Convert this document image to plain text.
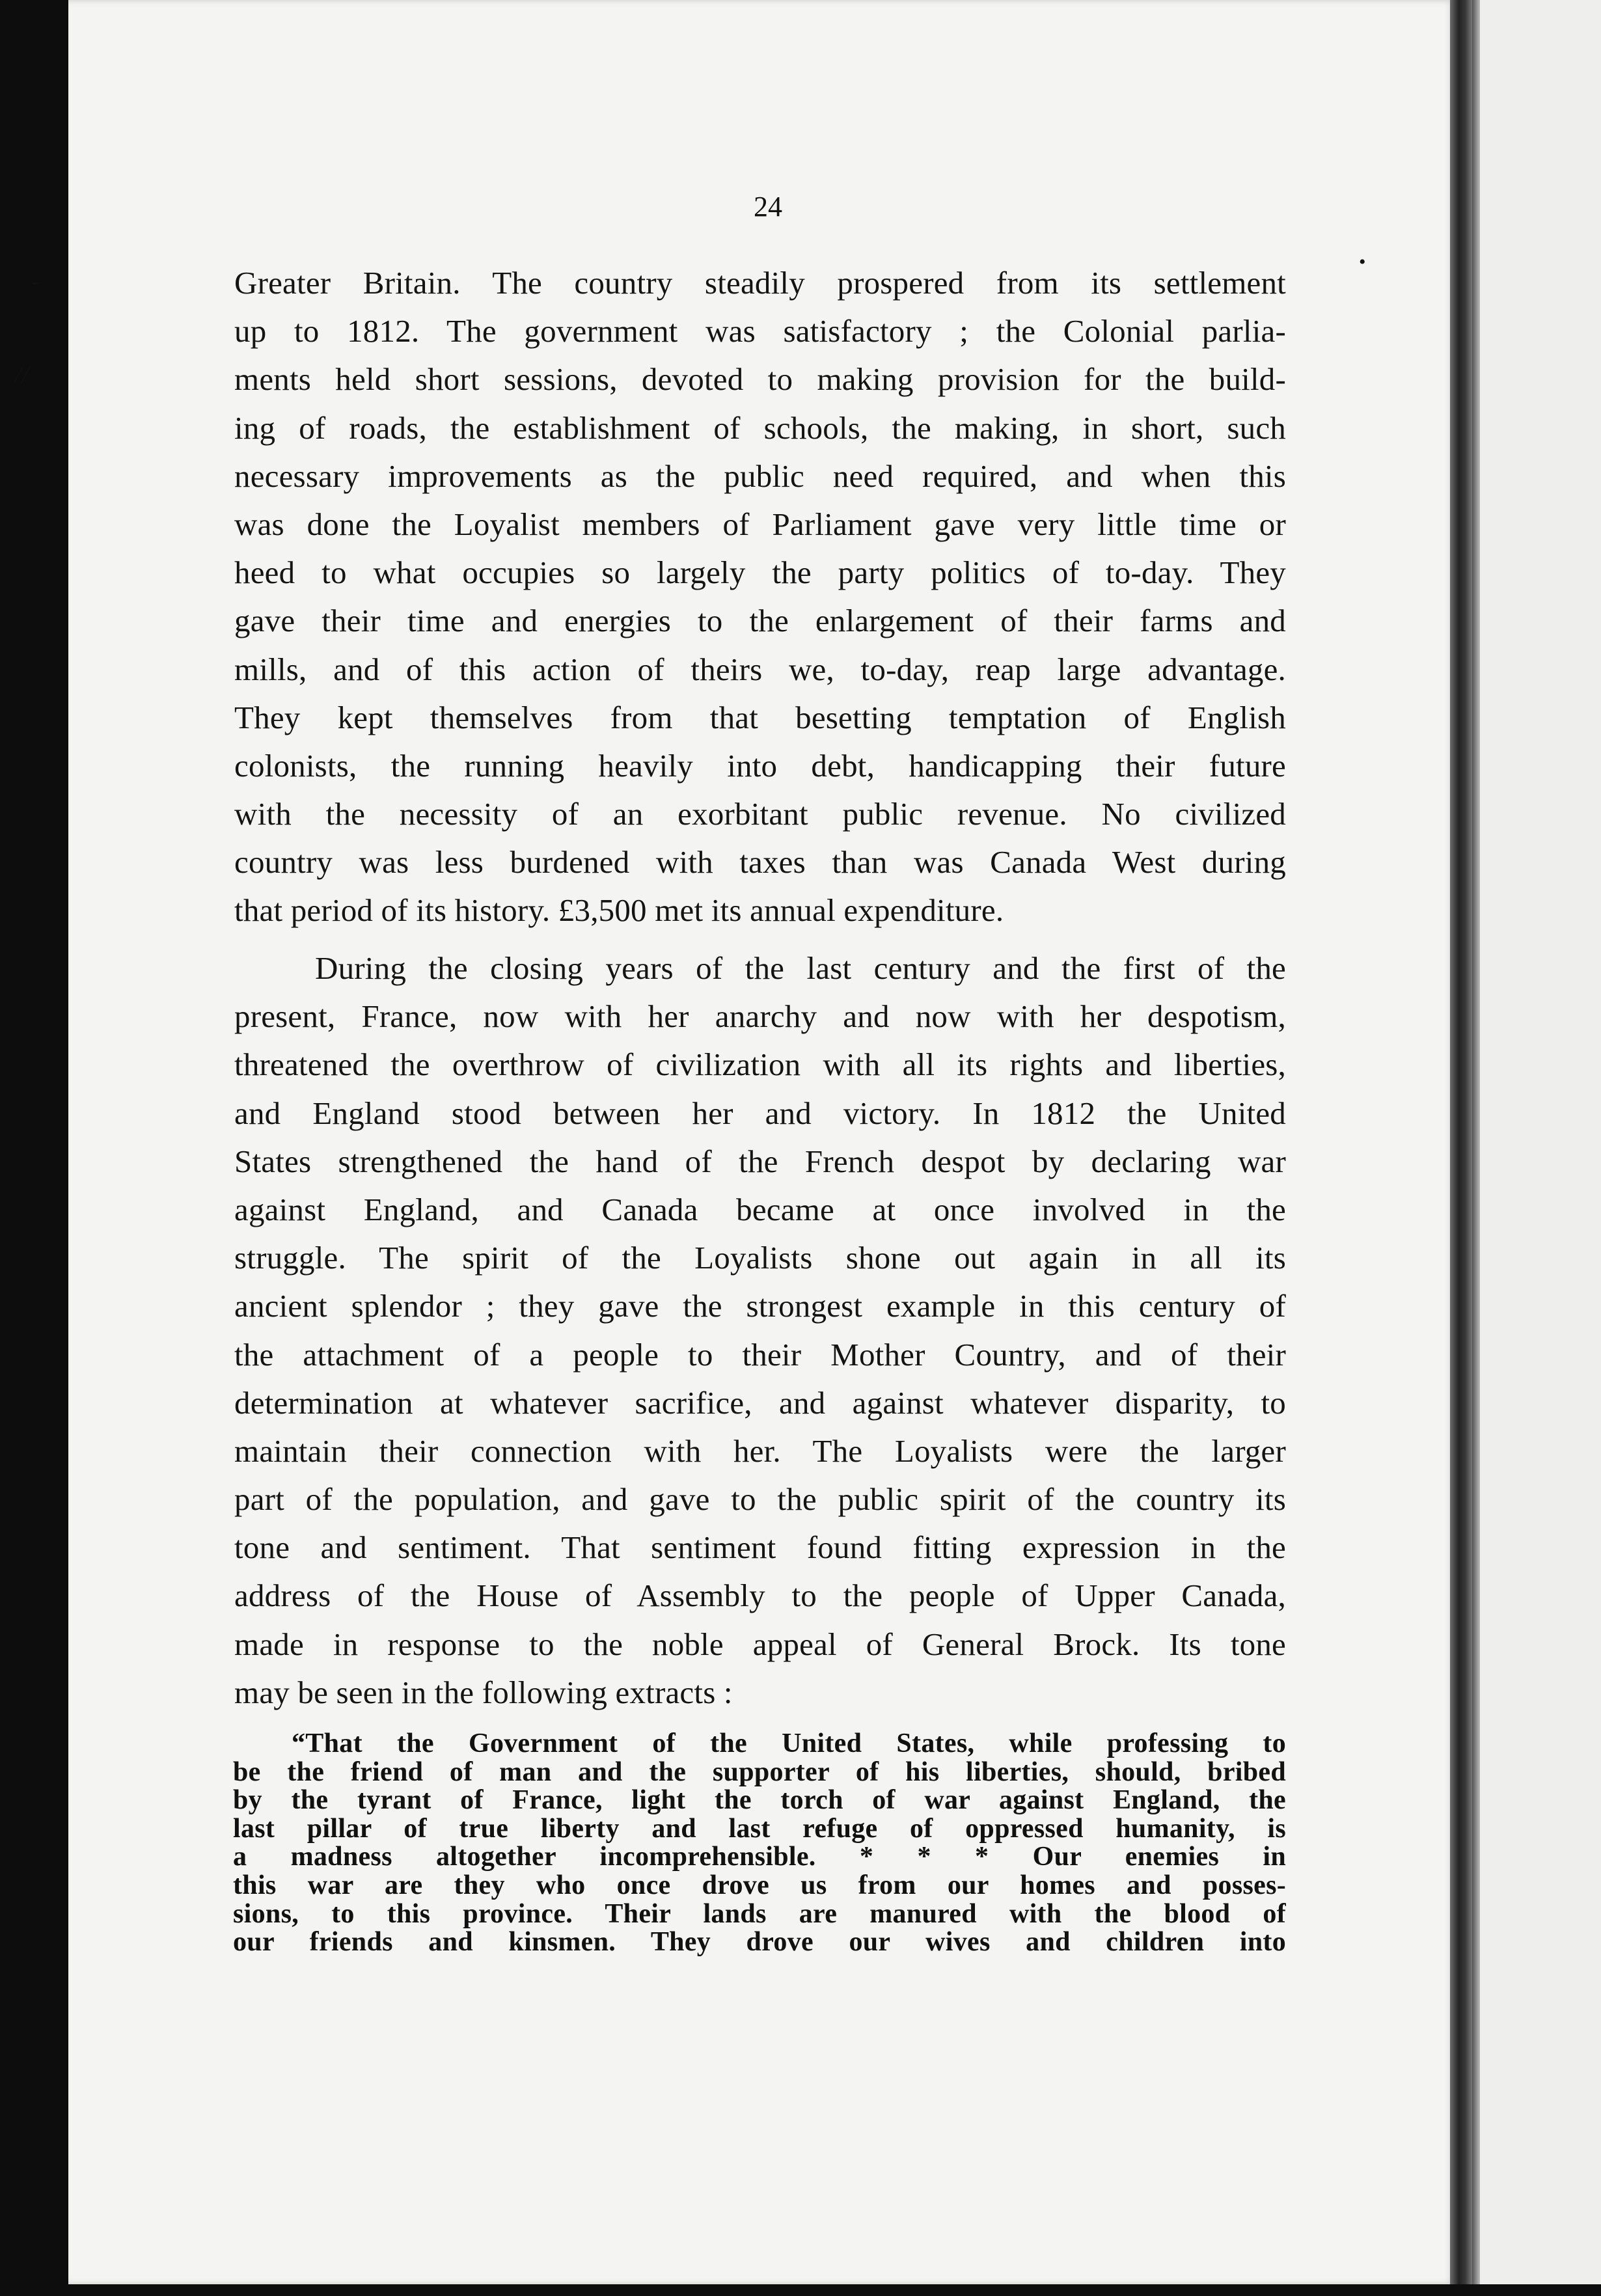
-
//
•
24
Greater Britain. The country steadily prospered from its settlement
up to 1812. The government was satisfactory ; the Colonial parlia-
ments held short sessions, devoted to making provision for the build-
ing of roads, the establishment of schools, the making, in short, such
necessary improvements as the public need required, and when this
was done the Loyalist members of Parliament gave very little time or
heed to what occupies so largely the party politics of to-day. They
gave their time and energies to the enlargement of their farms and
mills, and of this action of theirs we, to-day, reap large advantage.
They kept themselves from that besetting temptation of English
colonists, the running heavily into debt, handicapping their future
with the necessity of an exorbitant public revenue. No civilized
country was less burdened with taxes than was Canada West during
that period of its history. £3,500 met its annual expenditure.
During the closing years of the last century and the first of the
present, France, now with her anarchy and now with her despotism,
threatened the overthrow of civilization with all its rights and liberties,
and England stood between her and victory. In 1812 the United
States strengthened the hand of the French despot by declaring war
against England, and Canada became at once involved in the
struggle. The spirit of the Loyalists shone out again in all its
ancient splendor ; they gave the strongest example in this century of
the attachment of a people to their Mother Country, and of their
determination at whatever sacrifice, and against whatever disparity, to
maintain their connection with her. The Loyalists were the larger
part of the population, and gave to the public spirit of the country its
tone and sentiment. That sentiment found fitting expression in the
address of the House of Assembly to the people of Upper Canada,
made in response to the noble appeal of General Brock. Its tone
may be seen in the following extracts :
“That the Government of the United States, while professing to
be the friend of man and the supporter of his liberties, should, bribed
by the tyrant of France, light the torch of war against England, the
last pillar of true liberty and last refuge of oppressed humanity, is
a madness altogether incomprehensible. * * * Our enemies in
this war are they who once drove us from our homes and posses-
sions, to this province. Their lands are manured with the blood of
our friends and kinsmen. They drove our wives and children into
